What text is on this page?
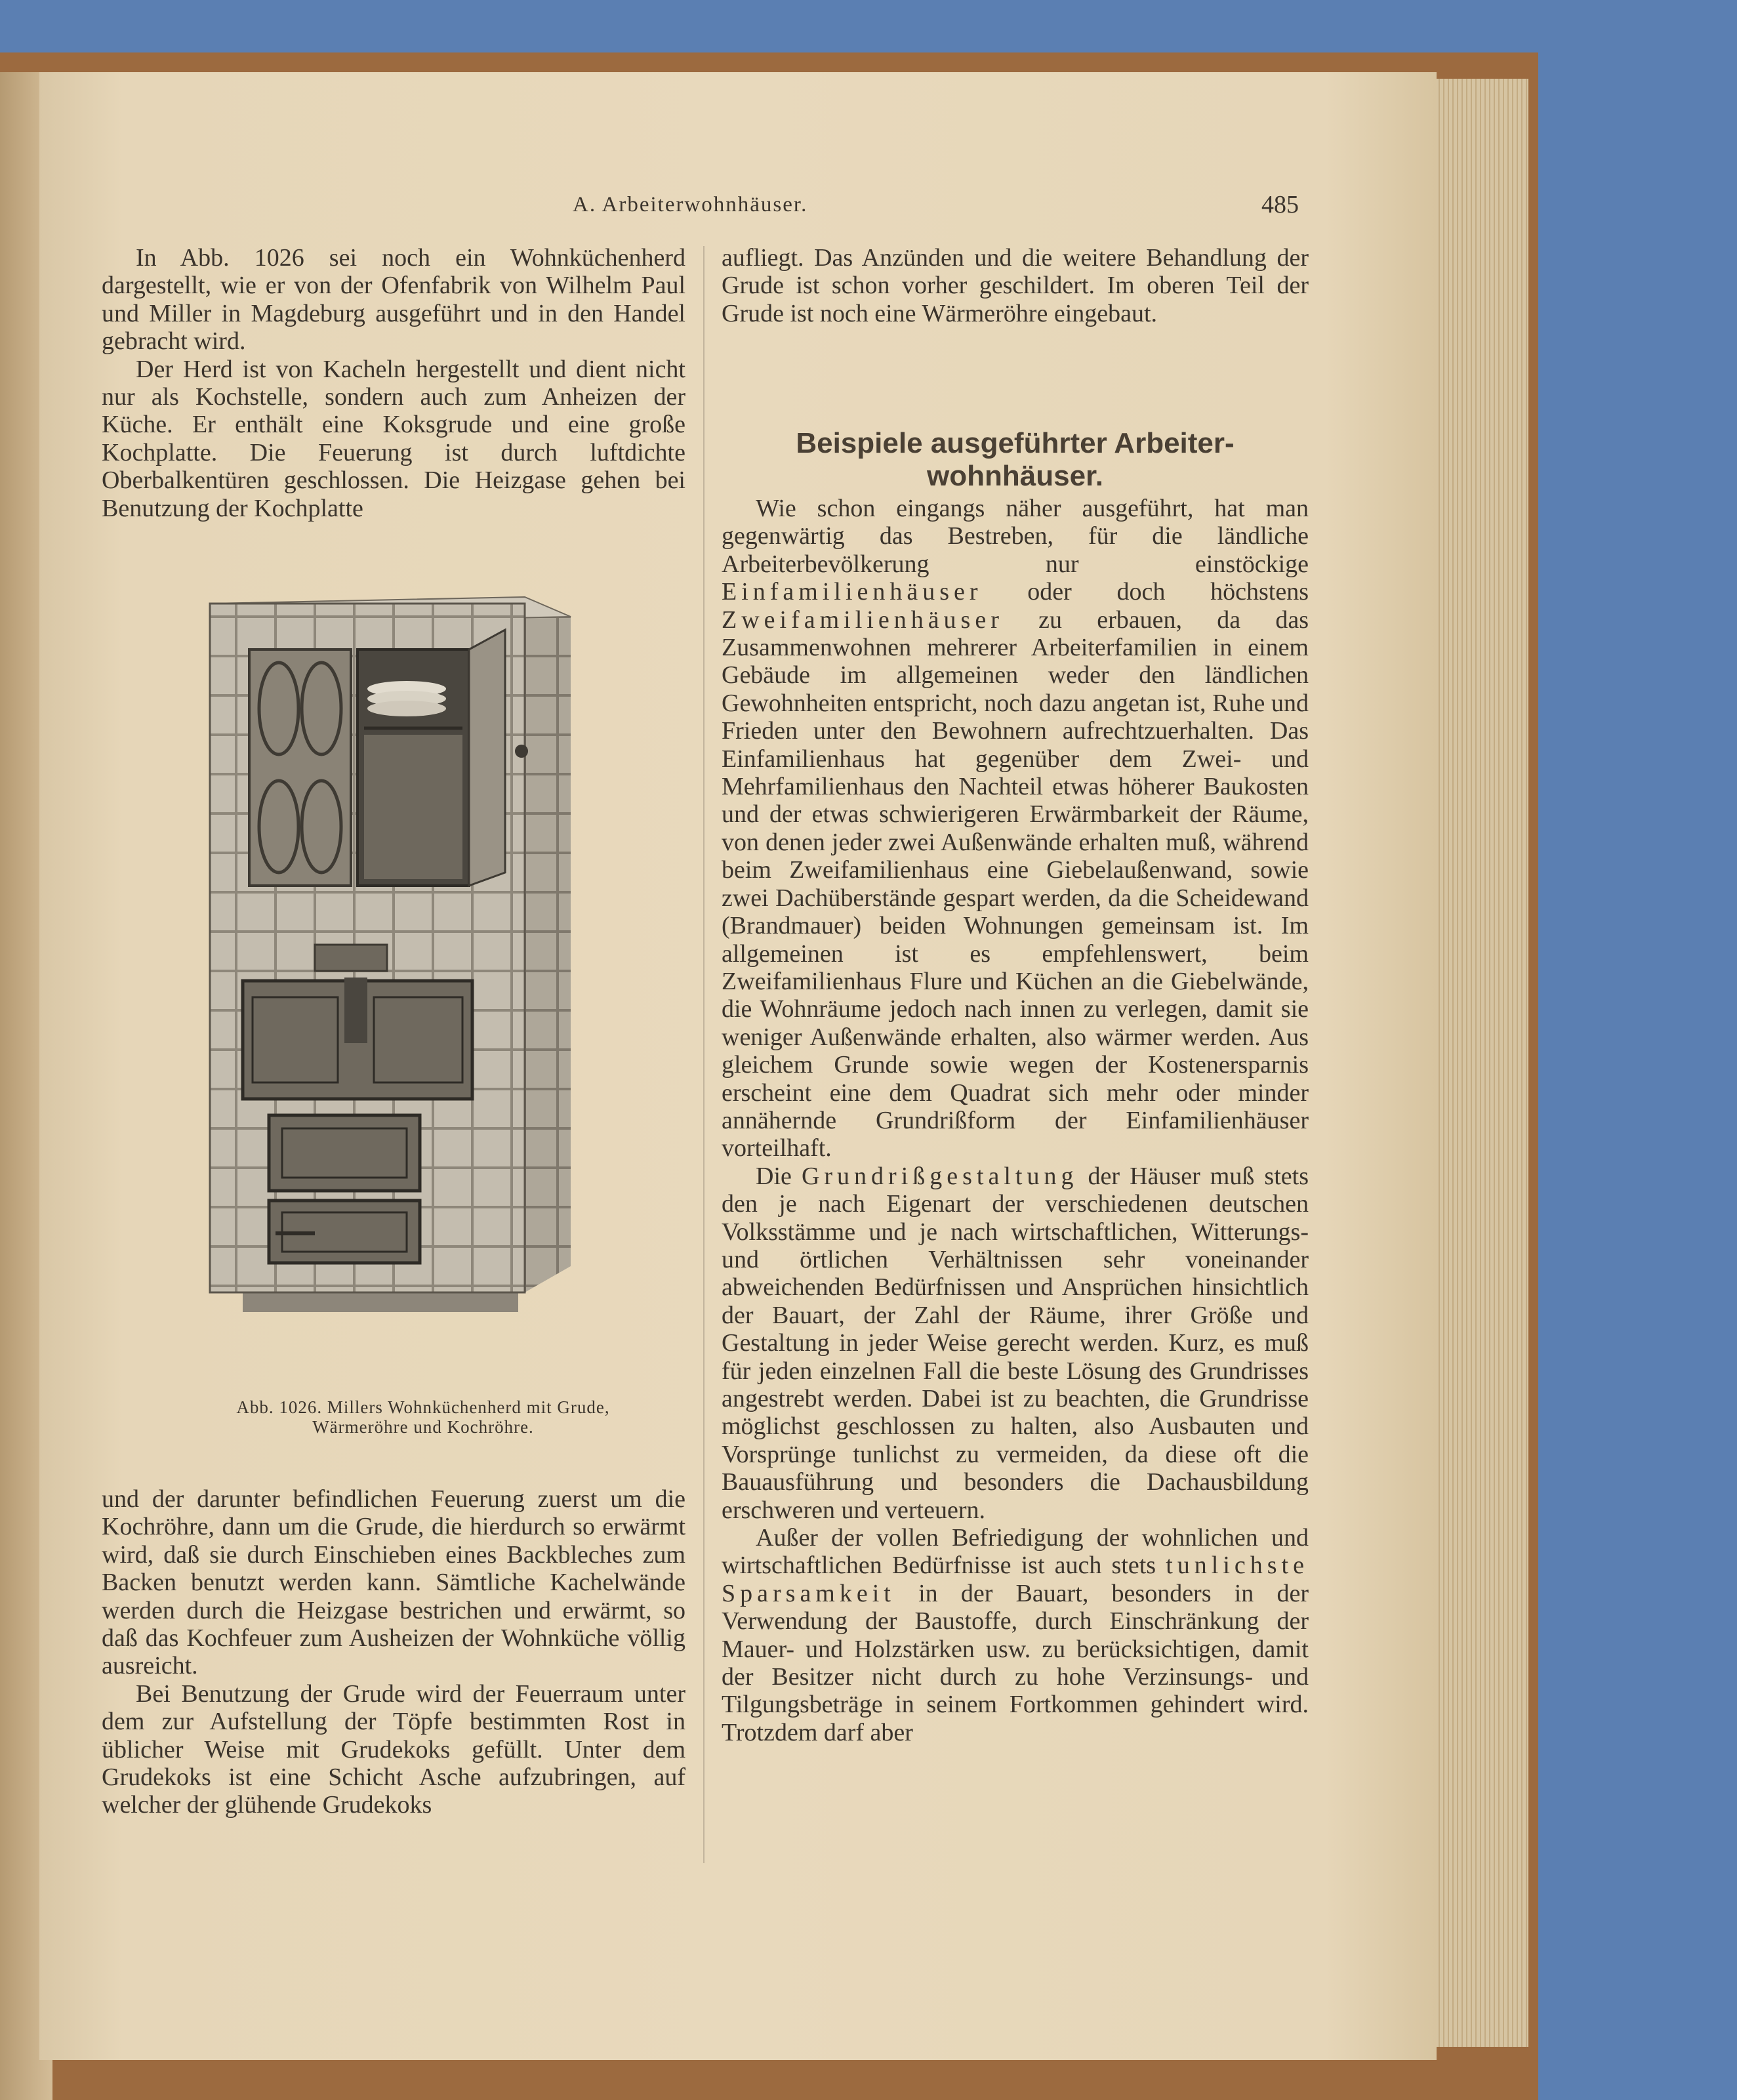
A. Arbeiterwohnhäuser.	485

In Abb. 1026 sei noch ein Wohnküchenherd dargestellt, wie er von der Ofenfabrik von Wilhelm Paul und Miller in Magdeburg ausgeführt und in den Handel gebracht wird.

Der Herd ist von Kacheln hergestellt und dient nicht nur als Kochstelle, sondern auch zum Anheizen der Küche. Er enthält eine Koksgrude und eine große Kochplatte. Die Feuerung ist durch luftdichte Oberbalkentüren geschlossen. Die Heizgase gehen bei Benutzung der Kochplatte

Abb. 1026. Millers Wohnküchenherd mit Grude,
Wärmeröhre und Kochröhre.

und der darunter befindlichen Feuerung zuerst um die Kochröhre, dann um die Grude, die hierdurch so erwärmt wird, daß sie durch Einschieben eines Backbleches zum Backen benutzt werden kann. Sämtliche Kachelwände werden durch die Heizgase bestrichen und erwärmt, so daß das Kochfeuer zum Ausheizen der Wohnküche völlig ausreicht.

Bei Benutzung der Grude wird der Feuerraum unter dem zur Aufstellung der Töpfe bestimmten Rost in üblicher Weise mit Grudekoks gefüllt. Unter dem Grudekoks ist eine Schicht Asche aufzubringen, auf welcher der glühende Grudekoks

aufliegt. Das Anzünden und die weitere Behandlung der Grude ist schon vorher geschildert. Im oberen Teil der Grude ist noch eine Wärmeröhre eingebaut.

Beispiele ausgeführter Arbeiter-
wohnhäuser.

Wie schon eingangs näher ausgeführt, hat man gegenwärtig das Bestreben, für die ländliche Arbeiterbevölkerung nur einstöckige Einfamilienhäuser oder doch höchstens Zweifamilienhäuser zu erbauen, da das Zusammenwohnen mehrerer Arbeiterfamilien in einem Gebäude im allgemeinen weder den ländlichen Gewohnheiten entspricht, noch dazu angetan ist, Ruhe und Frieden unter den Bewohnern aufrechtzuerhalten. Das Einfamilienhaus hat gegenüber dem Zwei- und Mehrfamilienhaus den Nachteil etwas höherer Baukosten und der etwas schwierigeren Erwärmbarkeit der Räume, von denen jeder zwei Außenwände erhalten muß, während beim Zweifamilienhaus eine Giebelaußenwand, sowie zwei Dachüberstände gespart werden, da die Scheidewand (Brandmauer) beiden Wohnungen gemeinsam ist. Im allgemeinen ist es empfehlenswert, beim Zweifamilienhaus Flure und Küchen an die Giebelwände, die Wohnräume jedoch nach innen zu verlegen, damit sie weniger Außenwände erhalten, also wärmer werden. Aus gleichem Grunde sowie wegen der Kostenersparnis erscheint eine dem Quadrat sich mehr oder minder annähernde Grundrißform der Einfamilienhäuser vorteilhaft.

Die Grundrißgestaltung der Häuser muß stets den je nach Eigenart der verschiedenen deutschen Volksstämme und je nach wirtschaftlichen, Witterungs- und örtlichen Verhältnissen sehr voneinander abweichenden Bedürfnissen und Ansprüchen hinsichtlich der Bauart, der Zahl der Räume, ihrer Größe und Gestaltung in jeder Weise gerecht werden. Kurz, es muß für jeden einzelnen Fall die beste Lösung des Grundrisses angestrebt werden. Dabei ist zu beachten, die Grundrisse möglichst geschlossen zu halten, also Ausbauten und Vorsprünge tunlichst zu vermeiden, da diese oft die Bauausführung und besonders die Dachausbildung erschweren und verteuern.

Außer der vollen Befriedigung der wohnlichen und wirtschaftlichen Bedürfnisse ist auch stets tunlichste Sparsamkeit in der Bauart, besonders in der Verwendung der Baustoffe, durch Einschränkung der Mauer- und Holzstärken usw. zu berücksichtigen, damit der Besitzer nicht durch zu hohe Verzinsungs- und Tilgungsbeträge in seinem Fortkommen gehindert wird. Trotzdem darf aber
